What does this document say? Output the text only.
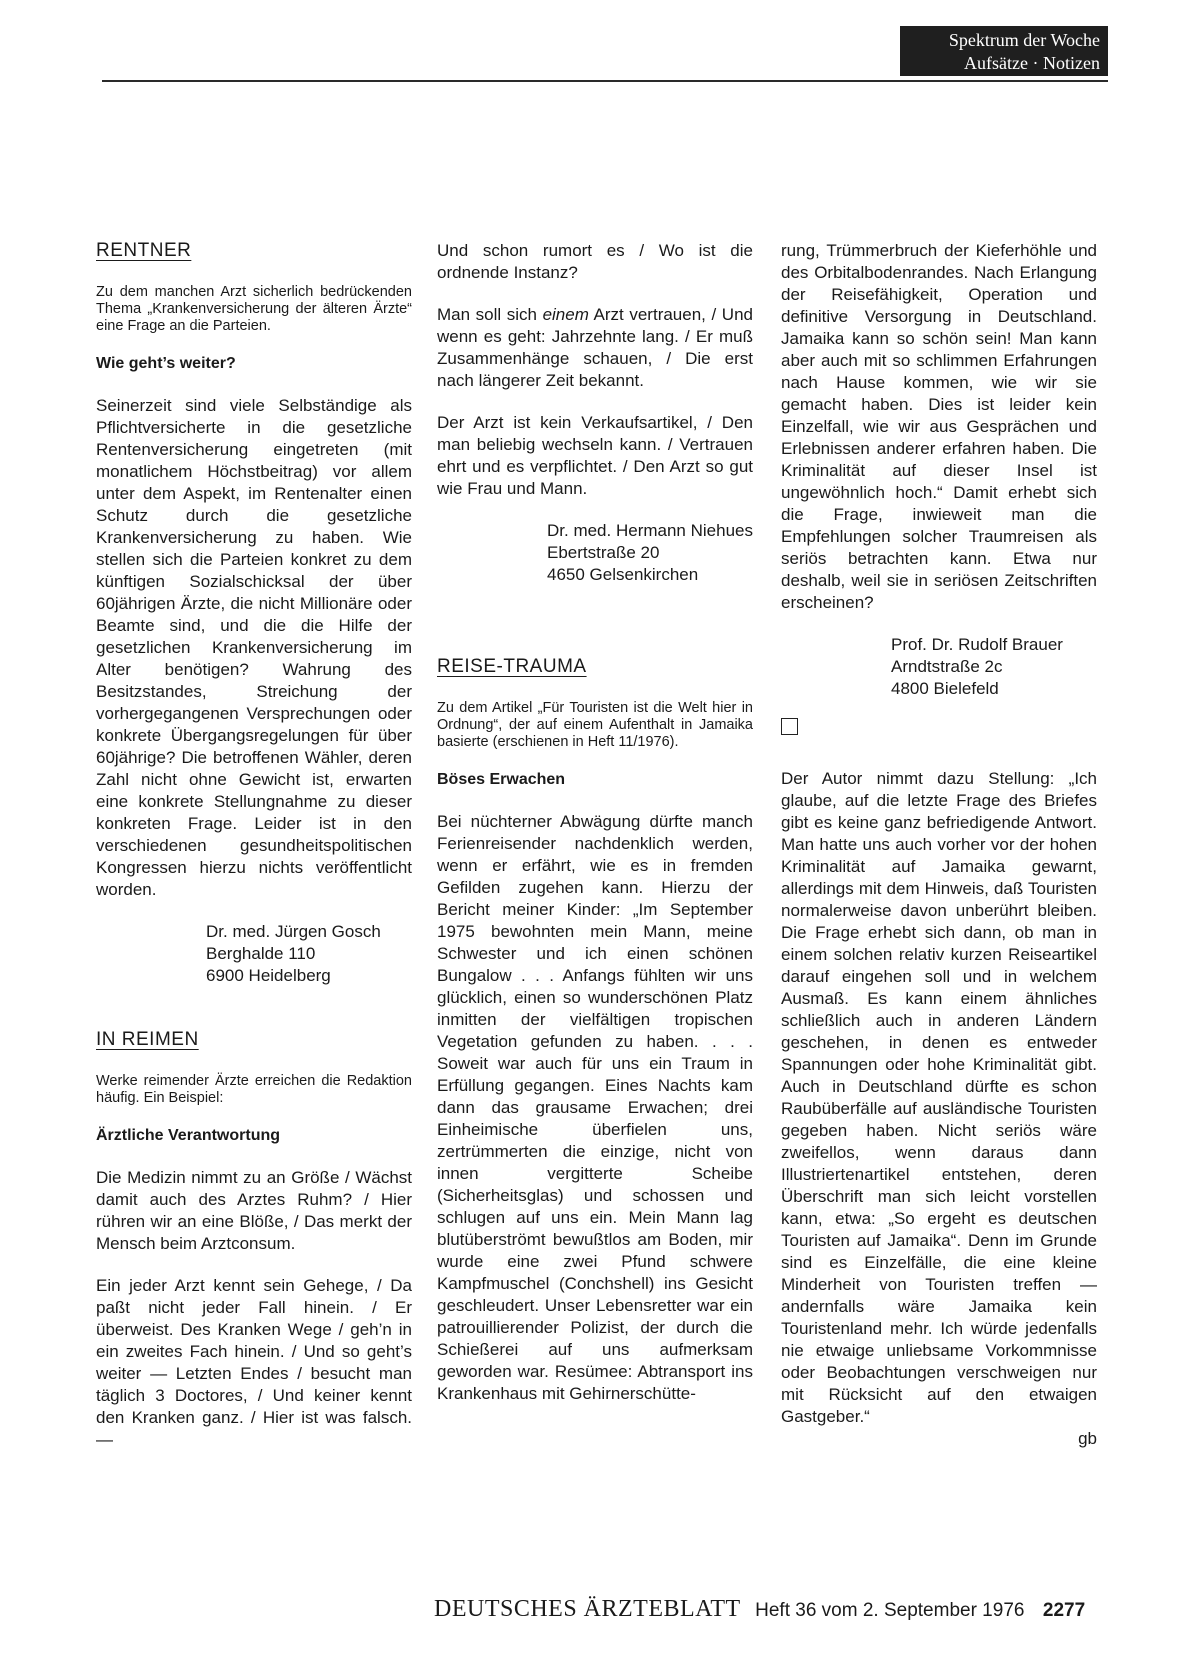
Spektrum der Woche
Aufsätze · Notizen
RENTNER

Zu dem manchen Arzt sicherlich bedrückenden Thema „Krankenversicherung der älteren Ärzte“ eine Frage an die Parteien.

Wie geht’s weiter?

Seinerzeit sind viele Selbständige als Pflichtversicherte in die gesetzliche Rentenversicherung eingetreten (mit monatlichem Höchstbeitrag) vor allem unter dem Aspekt, im Rentenalter einen Schutz durch die gesetzliche Krankenversicherung zu haben. Wie stellen sich die Parteien konkret zu dem künftigen Sozialschicksal der über 60jährigen Ärzte, die nicht Millionäre oder Beamte sind, und die die Hilfe der gesetzlichen Krankenversicherung im Alter benötigen? Wahrung des Besitzstandes, Streichung der vorhergegangenen Versprechungen oder konkrete Übergangsregelungen für über 60jährige? Die betroffenen Wähler, deren Zahl nicht ohne Gewicht ist, erwarten eine konkrete Stellungnahme zu dieser konkreten Frage. Leider ist in den verschiedenen gesundheitspolitischen Kongressen hierzu nichts veröffentlicht worden.

Dr. med. Jürgen Gosch
Berghalde 110
6900 Heidelberg
IN REIMEN

Werke reimender Ärzte erreichen die Redaktion häufig. Ein Beispiel:

Ärztliche Verantwortung

Die Medizin nimmt zu an Größe / Wächst damit auch des Arztes Ruhm? / Hier rühren wir an eine Blöße, / Das merkt der Mensch beim Arztconsum.

Ein jeder Arzt kennt sein Gehege, / Da paßt nicht jeder Fall hinein. / Er überweist. Des Kranken Wege / geh’n in ein zweites Fach hinein. / Und so geht’s weiter — Letzten Endes / besucht man täglich 3 Doctores, / Und keiner kennt den Kranken ganz. / Hier ist was falsch. —

Und schon rumort es / Wo ist die ordnende Instanz?

Man soll sich einem Arzt vertrauen, / Und wenn es geht: Jahrzehnte lang. / Er muß Zusammenhänge schauen, / Die erst nach längerer Zeit bekannt.

Der Arzt ist kein Verkaufsartikel, / Den man beliebig wechseln kann. / Vertrauen ehrt und es verpflichtet. / Den Arzt so gut wie Frau und Mann.

Dr. med. Hermann Niehues
Ebertstraße 20
4650 Gelsenkirchen
REISE-TRAUMA

Zu dem Artikel „Für Touristen ist die Welt hier in Ordnung“, der auf einem Aufenthalt in Jamaika basierte (erschienen in Heft 11/1976).

Böses Erwachen

Bei nüchterner Abwägung dürfte manch Ferienreisender nachdenklich werden, wenn er erfährt, wie es in fremden Gefilden zugehen kann. Hierzu der Bericht meiner Kinder: „Im September 1975 bewohnten mein Mann, meine Schwester und ich einen schönen Bungalow . . . Anfangs fühlten wir uns glücklich, einen so wunderschönen Platz inmitten der vielfältigen tropischen Vegetation gefunden zu haben. . . . Soweit war auch für uns ein Traum in Erfüllung gegangen. Eines Nachts kam dann das grausame Erwachen; drei Einheimische überfielen uns, zertrümmerten die einzige, nicht von innen vergitterte Scheibe (Sicherheitsglas) und schossen und schlugen auf uns ein. Mein Mann lag blutüberströmt bewußtlos am Boden, mir wurde eine zwei Pfund schwere Kampfmuschel (Conchshell) ins Gesicht geschleudert. Unser Lebensretter war ein patrouillierender Polizist, der durch die Schießerei auf uns aufmerksam geworden war. Resümee: Abtransport ins Krankenhaus mit Gehirnerschütte-

rung, Trümmerbruch der Kieferhöhle und des Orbitalbodenrandes. Nach Erlangung der Reisefähigkeit, Operation und definitive Versorgung in Deutschland. Jamaika kann so schön sein! Man kann aber auch mit so schlimmen Erfahrungen nach Hause kommen, wie wir sie gemacht haben. Dies ist leider kein Einzelfall, wie wir aus Gesprächen und Erlebnissen anderer erfahren haben. Die Kriminalität auf dieser Insel ist ungewöhnlich hoch.“ Damit erhebt sich die Frage, inwieweit man die Empfehlungen solcher Traumreisen als seriös betrachten kann. Etwa nur deshalb, weil sie in seriösen Zeitschriften erscheinen?

Prof. Dr. Rudolf Brauer
Arndtstraße 2c
4800 Bielefeld

Der Autor nimmt dazu Stellung: „Ich glaube, auf die letzte Frage des Briefes gibt es keine ganz befriedigende Antwort. Man hatte uns auch vorher vor der hohen Kriminalität auf Jamaika gewarnt, allerdings mit dem Hinweis, daß Touristen normalerweise davon unberührt bleiben. Die Frage erhebt sich dann, ob man in einem solchen relativ kurzen Reiseartikel darauf eingehen soll und in welchem Ausmaß. Es kann einem ähnliches schließlich auch in anderen Ländern geschehen, in denen es entweder Spannungen oder hohe Kriminalität gibt. Auch in Deutschland dürfte es schon Raubüberfälle auf ausländische Touristen gegeben haben. Nicht seriös wäre zweifellos, wenn daraus dann Illustriertenartikel entstehen, deren Überschrift man sich leicht vorstellen kann, etwa: „So ergeht es deutschen Touristen auf Jamaika“. Denn im Grunde sind es Einzelfälle, die eine kleine Minderheit von Touristen treffen — andernfalls wäre Jamaika kein Touristenland mehr. Ich würde jedenfalls nie etwaige unliebsame Vorkommnisse oder Beobachtungen verschweigen nur mit Rücksicht auf den etwaigen Gastgeber.“

gb
DEUTSCHES ÄRZTEBLATT Heft 36 vom 2. September 1976 2277
